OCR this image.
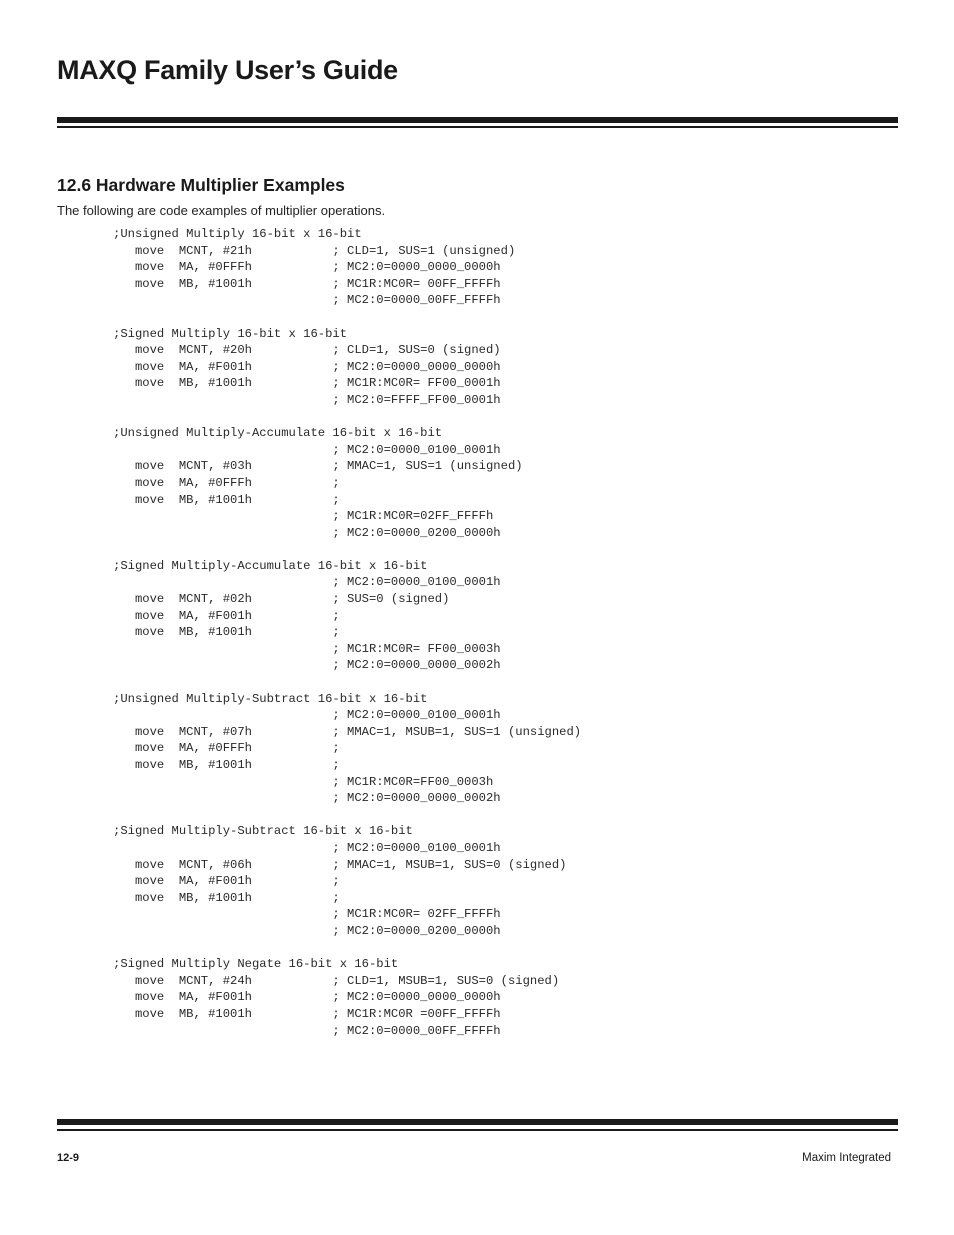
MAXQ Family User’s Guide
12.6 Hardware Multiplier Examples
The following are code examples of multiplier operations.
;Unsigned Multiply 16-bit x 16-bit
move  MCNT, #21h           ; CLD=1, SUS=1 (unsigned)
move  MA, #0FFFh           ; MC2:0=0000_0000_0000h
move  MB, #1001h           ; MC1R:MC0R= 00FF_FFFFh
; MC2:0=0000_00FF_FFFFh
;Signed Multiply 16-bit x 16-bit
move  MCNT, #20h           ; CLD=1, SUS=0 (signed)
move  MA, #F001h           ; MC2:0=0000_0000_0000h
move  MB, #1001h           ; MC1R:MC0R= FF00_0001h
; MC2:0=FFFF_FF00_0001h
;Unsigned Multiply-Accumulate 16-bit x 16-bit
; MC2:0=0000_0100_0001h
move  MCNT, #03h           ; MMAC=1, SUS=1 (unsigned)
move  MA, #0FFFh           ;
move  MB, #1001h           ;
; MC1R:MC0R=02FF_FFFFh
; MC2:0=0000_0200_0000h
;Signed Multiply-Accumulate 16-bit x 16-bit
; MC2:0=0000_0100_0001h
move  MCNT, #02h           ; SUS=0 (signed)
move  MA, #F001h           ;
move  MB, #1001h           ;
; MC1R:MC0R= FF00_0003h
; MC2:0=0000_0000_0002h
;Unsigned Multiply-Subtract 16-bit x 16-bit
; MC2:0=0000_0100_0001h
move  MCNT, #07h           ; MMAC=1, MSUB=1, SUS=1 (unsigned)
move  MA, #0FFFh           ;
move  MB, #1001h           ;
; MC1R:MC0R=FF00_0003h
; MC2:0=0000_0000_0002h
;Signed Multiply-Subtract 16-bit x 16-bit
; MC2:0=0000_0100_0001h
move  MCNT, #06h           ; MMAC=1, MSUB=1, SUS=0 (signed)
move  MA, #F001h           ;
move  MB, #1001h           ;
; MC1R:MC0R= 02FF_FFFFh
; MC2:0=0000_0200_0000h
;Signed Multiply Negate 16-bit x 16-bit
move  MCNT, #24h           ; CLD=1, MSUB=1, SUS=0 (signed)
move  MA, #F001h           ; MC2:0=0000_0000_0000h
move  MB, #1001h           ; MC1R:MC0R =00FF_FFFFh
; MC2:0=0000_00FF_FFFFh
12-9	Maxim Integrated
